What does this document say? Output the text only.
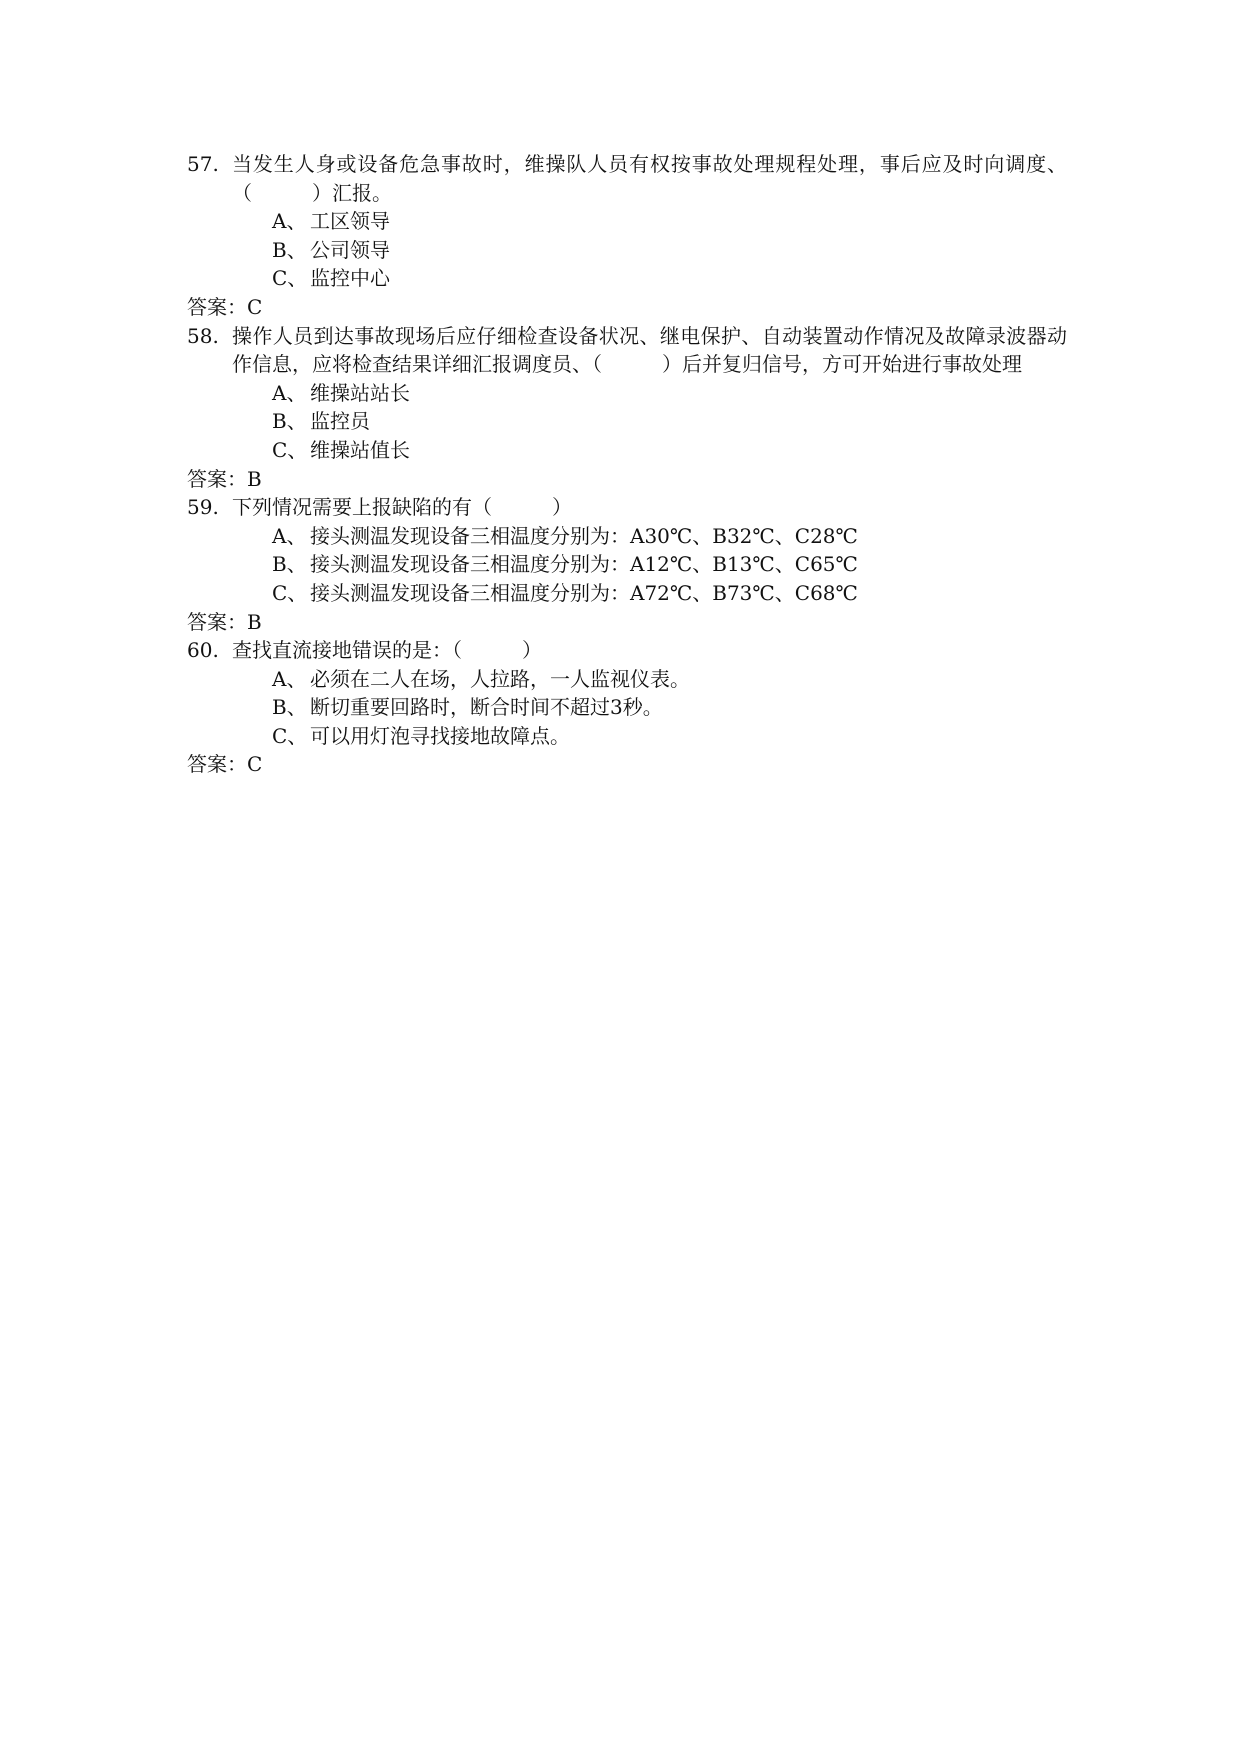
57. 当发生人身或设备危急事故时，维操队人员有权按事故处理规程处理，事后应及时向调度、（　　　）汇报。
A、 工区领导
B、 公司领导
C、 监控中心
答案：C
58. 操作人员到达事故现场后应仔细检查设备状况、继电保护、自动装置动作情况及故障录波器动作信息，应将检查结果详细汇报调度员、（　　　）后并复归信号，方可开始进行事故处理
A、 维操站站长
B、 监控员
C、 维操站值长
答案：B
59. 下列情况需要上报缺陷的有（　　　）
A、 接头测温发现设备三相温度分别为：A30℃、B32℃、C28℃
B、 接头测温发现设备三相温度分别为：A12℃、B13℃、C65℃
C、 接头测温发现设备三相温度分别为：A72℃、B73℃、C68℃
答案：B
60. 查找直流接地错误的是：（　　　）
A、 必须在二人在场，人拉路，一人监视仪表。
B、 断切重要回路时，断合时间不超过3秒。
C、 可以用灯泡寻找接地故障点。
答案：C
